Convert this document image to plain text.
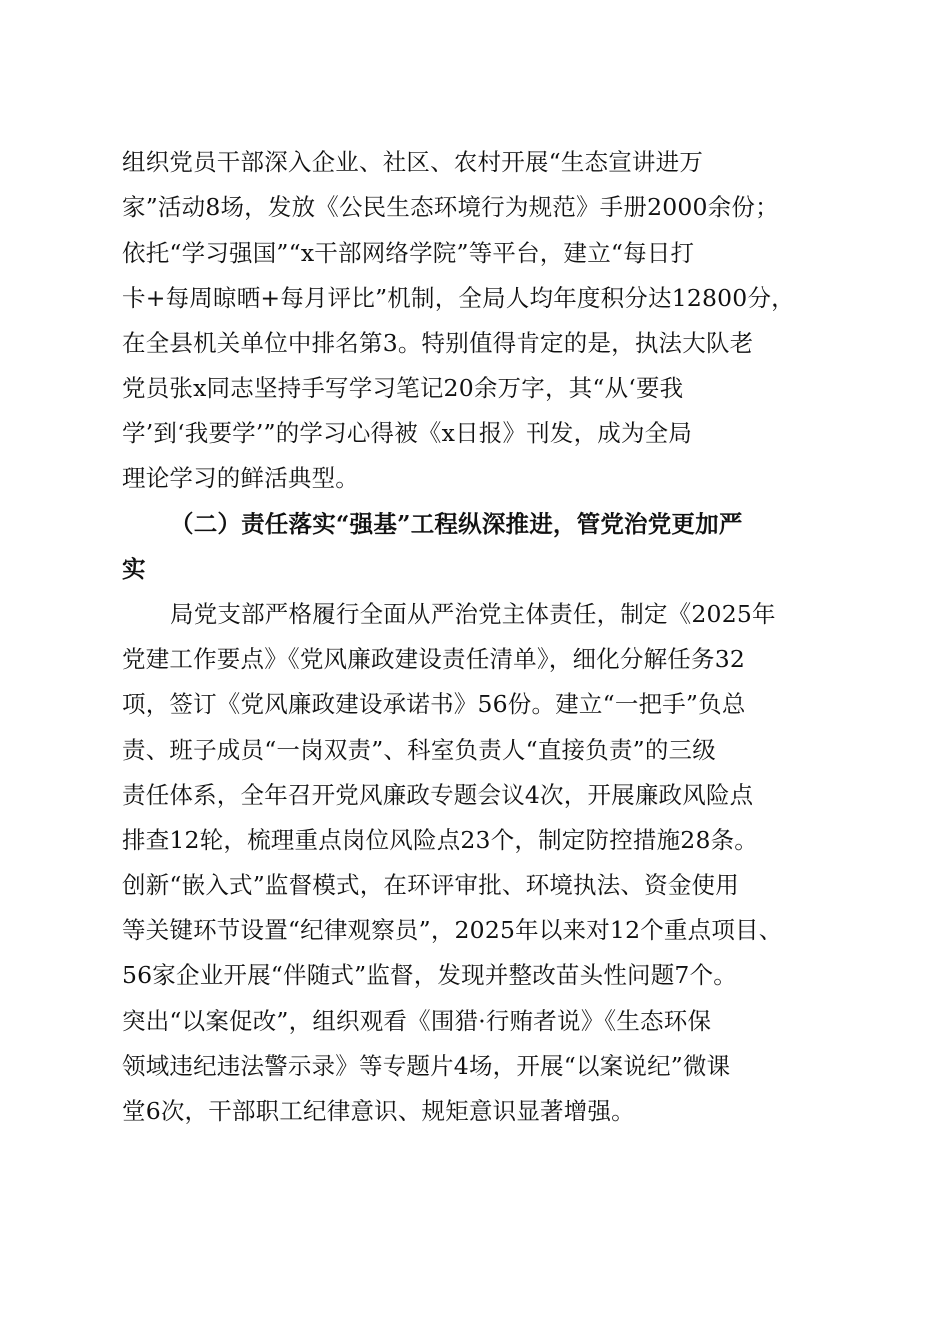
组织党员干部深入企业、社区、农村开展“生态宣讲进万
家”活动8场，发放《公民生态环境行为规范》手册2000余份；
依托“学习强国”“x干部网络学院”等平台，建立“每日打
卡+每周晾晒+每月评比”机制，全局人均年度积分达12800分，
在全县机关单位中排名第3。特别值得肯定的是，执法大队老
党员张x同志坚持手写学习笔记20余万字，其“从‘要我
学’到‘我要学’”的学习心得被《x日报》刊发，成为全局
理论学习的鲜活典型。
（二）责任落实“强基”工程纵深推进，管党治党更加严
实
局党支部严格履行全面从严治党主体责任，制定《2025年
党建工作要点》《党风廉政建设责任清单》，细化分解任务32
项，签订《党风廉政建设承诺书》56份。建立“一把手”负总
责、班子成员“一岗双责”、科室负责人“直接负责”的三级
责任体系，全年召开党风廉政专题会议4次，开展廉政风险点
排查12轮，梳理重点岗位风险点23个，制定防控措施28条。
创新“嵌入式”监督模式，在环评审批、环境执法、资金使用
等关键环节设置“纪律观察员”，2025年以来对12个重点项目、
56家企业开展“伴随式”监督，发现并整改苗头性问题7个。
突出“以案促改”，组织观看《围猎·行贿者说》《生态环保
领域违纪违法警示录》等专题片4场，开展“以案说纪”微课
堂6次，干部职工纪律意识、规矩意识显著增强。
